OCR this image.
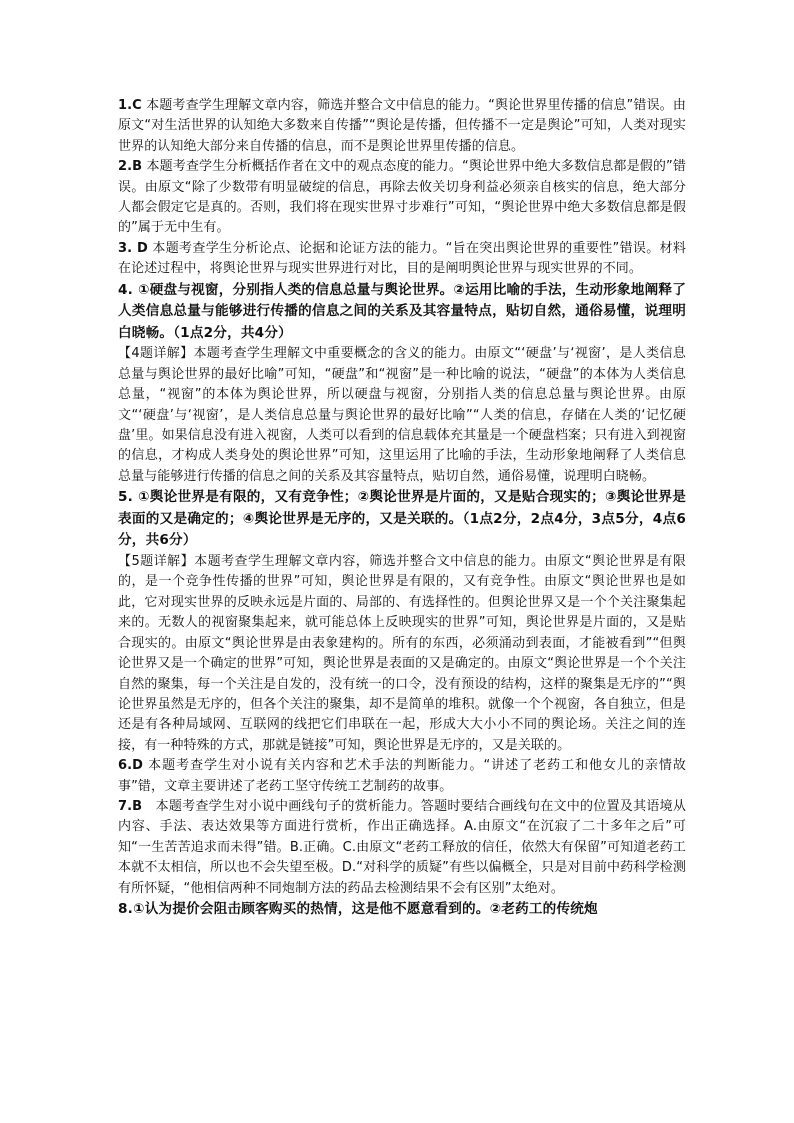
1.C 本题考查学生理解文章内容，筛选并整合文中信息的能力。“舆论世界里传播的信息”错误。由原文“对生活世界的认知绝大多数来自传播”“舆论是传播，但传播不一定是舆论”可知，人类对现实世界的认知绝大部分来自传播的信息，而不是舆论世界里传播的信息。

2.B 本题考查学生分析概括作者在文中的观点态度的能力。“舆论世界中绝大多数信息都是假的”错误。由原文“除了少数带有明显破绽的信息，再除去攸关切身利益必须亲自核实的信息，绝大部分人都会假定它是真的。否则，我们将在现实世界寸步难行”可知，“舆论世界中绝大多数信息都是假的”属于无中生有。

3. D 本题考查学生分析论点、论据和论证方法的能力。“旨在突出舆论世界的重要性”错误。材料在论述过程中，将舆论世界与现实世界进行对比，目的是阐明舆论世界与现实世界的不同。

4. ①硬盘与视窗，分别指人类的信息总量与舆论世界。②运用比喻的手法，生动形象地阐释了人类信息总量与能够进行传播的信息之间的关系及其容量特点，贴切自然，通俗易懂，说理明白晓畅。（1点2分，共4分）

【4题详解】本题考查学生理解文中重要概念的含义的能力。由原文“‘硬盘’与‘视窗’，是人类信息总量与舆论世界的最好比喻”可知，“硬盘”和“视窗”是一种比喻的说法，“硬盘”的本体为人类信息总量，“视窗”的本体为舆论世界，所以硬盘与视窗，分别指人类的信息总量与舆论世界。由原文“‘硬盘’与‘视窗’，是人类信息总量与舆论世界的最好比喻”“人类的信息，存储在人类的‘记忆硬盘’里。如果信息没有进入视窗，人类可以看到的信息载体充其量是一个硬盘档案；只有进入到视窗的信息，才构成人类身处的舆论世界”可知，这里运用了比喻的手法，生动形象地阐释了人类信息总量与能够进行传播的信息之间的关系及其容量特点，贴切自然，通俗易懂，说理明白晓畅。

5. ①舆论世界是有限的，又有竞争性；②舆论世界是片面的，又是贴合现实的；③舆论世界是表面的又是确定的；④舆论世界是无序的，又是关联的。（1点2分，2点4分，3点5分，4点6分，共6分）

【5题详解】本题考查学生理解文章内容，筛选并整合文中信息的能力。由原文“舆论世界是有限的，是一个竞争性传播的世界”可知，舆论世界是有限的，又有竞争性。由原文“舆论世界也是如此，它对现实世界的反映永远是片面的、局部的、有选择性的。但舆论世界又是一个个关注聚集起来的。无数人的视窗聚集起来，就可能总体上反映现实的世界”可知，舆论世界是片面的，又是贴合现实的。由原文“舆论世界是由表象建构的。所有的东西，必须涌动到表面，才能被看到”“但舆论世界又是一个确定的世界”可知，舆论世界是表面的又是确定的。由原文“舆论世界是一个个关注自然的聚集，每一个关注是自发的，没有统一的口令，没有预设的结构，这样的聚集是无序的”“舆论世界虽然是无序的，但各个关注的聚集，却不是简单的堆积。就像一个个视窗，各自独立，但是还是有各种局域网、互联网的线把它们串联在一起，形成大大小小不同的舆论场。关注之间的连接，有一种特殊的方式，那就是链接”可知，舆论世界是无序的，又是关联的。

6.D 本题考查学生对小说有关内容和艺术手法的判断能力。“讲述了老药工和他女儿的亲情故事”错，文章主要讲述了老药工坚守传统工艺制药的故事。

7.B　本题考查学生对小说中画线句子的赏析能力。答题时要结合画线句在文中的位置及其语境从内容、手法、表达效果等方面进行赏析，作出正确选择。A.由原文“在沉寂了二十多年之后”可知“一生苦苦追求而未得”错。B.正确。C.由原文“老药工释放的信任，依然大有保留”可知道老药工本就不太相信，所以也不会失望至极。D.“对科学的质疑”有些以偏概全，只是对目前中药科学检测有所怀疑，“他相信两种不同炮制方法的药品去检测结果不会有区别”太绝对。

8.①认为提价会阻击顾客购买的热情，这是他不愿意看到的。②老药工的传统炮
